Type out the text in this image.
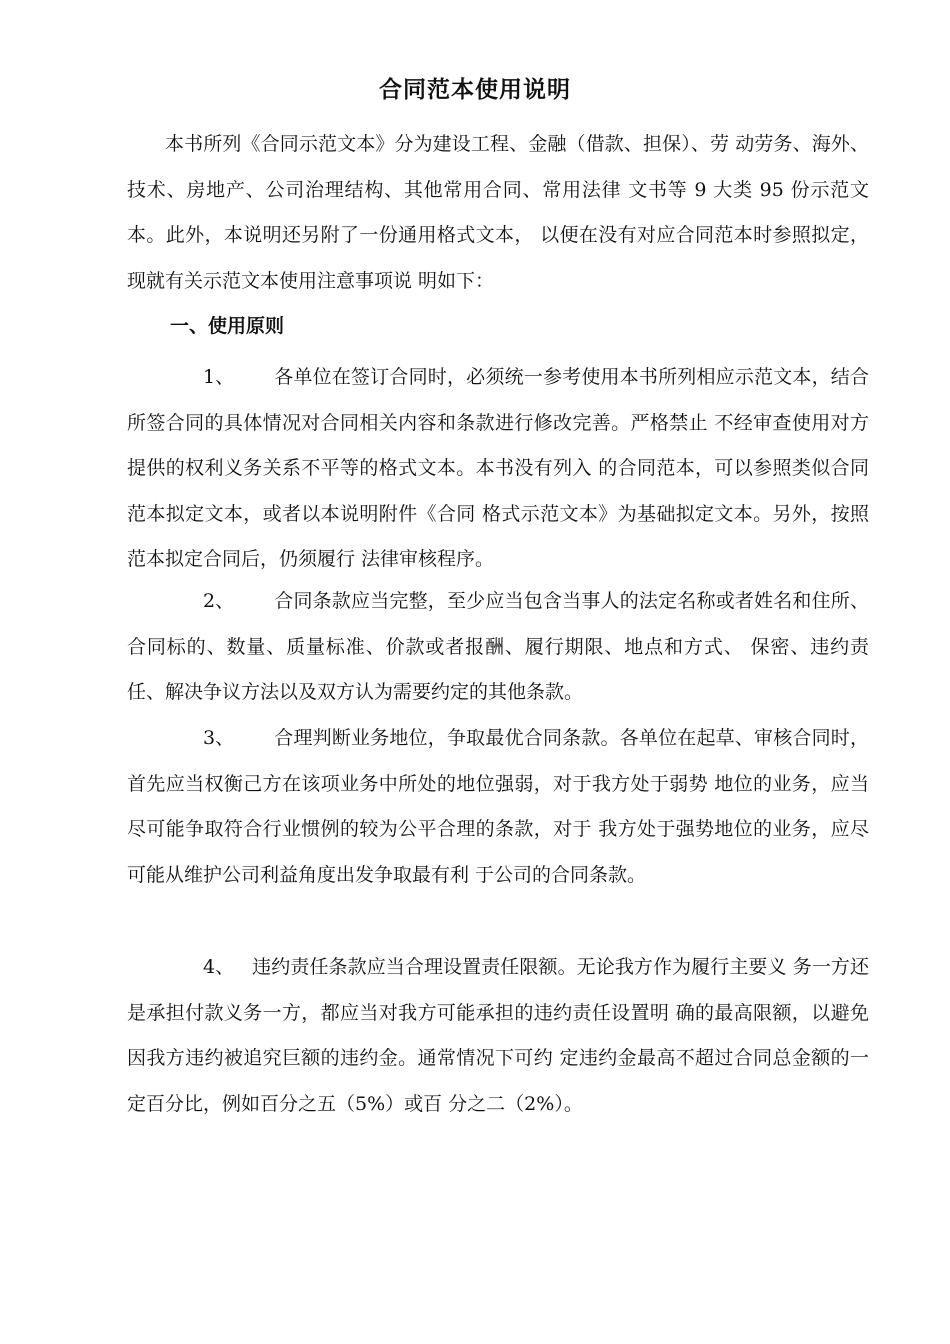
合同范本使用说明

本书所列《合同示范文本》分为建设工程、金融（借款、担保）、劳 动劳务、海外、技术、房地产、公司治理结构、其他常用合同、常用法律 文书等 9 大类 95 份示范文本。此外，本说明还另附了一份通用格式文本， 以便在没有对应合同范本时参照拟定，现就有关示范文本使用注意事项说 明如下：

一、使用原则

1、 各单位在签订合同时，必须统一参考使用本书所列相应示范文本，结合所签合同的具体情况对合同相关内容和条款进行修改完善。严格禁止 不经审查使用对方提供的权利义务关系不平等的格式文本。本书没有列入 的合同范本，可以参照类似合同范本拟定文本，或者以本说明附件《合同 格式示范文本》为基础拟定文本。另外，按照范本拟定合同后，仍须履行 法律审核程序。

2、 合同条款应当完整，至少应当包含当事人的法定名称或者姓名和住所、合同标的、数量、质量标准、价款或者报酬、履行期限、地点和方式、 保密、违约责任、解决争议方法以及双方认为需要约定的其他条款。

3、 合理判断业务地位，争取最优合同条款。各单位在起草、审核合同时，首先应当权衡己方在该项业务中所处的地位强弱，对于我方处于弱势 地位的业务，应当尽可能争取符合行业惯例的较为公平合理的条款，对于 我方处于强势地位的业务，应尽可能从维护公司利益角度出发争取最有利 于公司的合同条款。

4、 违约责任条款应当合理设置责任限额。无论我方作为履行主要义 务一方还是承担付款义务一方，都应当对我方可能承担的违约责任设置明 确的最高限额，以避免因我方违约被追究巨额的违约金。通常情况下可约 定违约金最高不超过合同总金额的一定百分比，例如百分之五（5%）或百 分之二（2%）。
